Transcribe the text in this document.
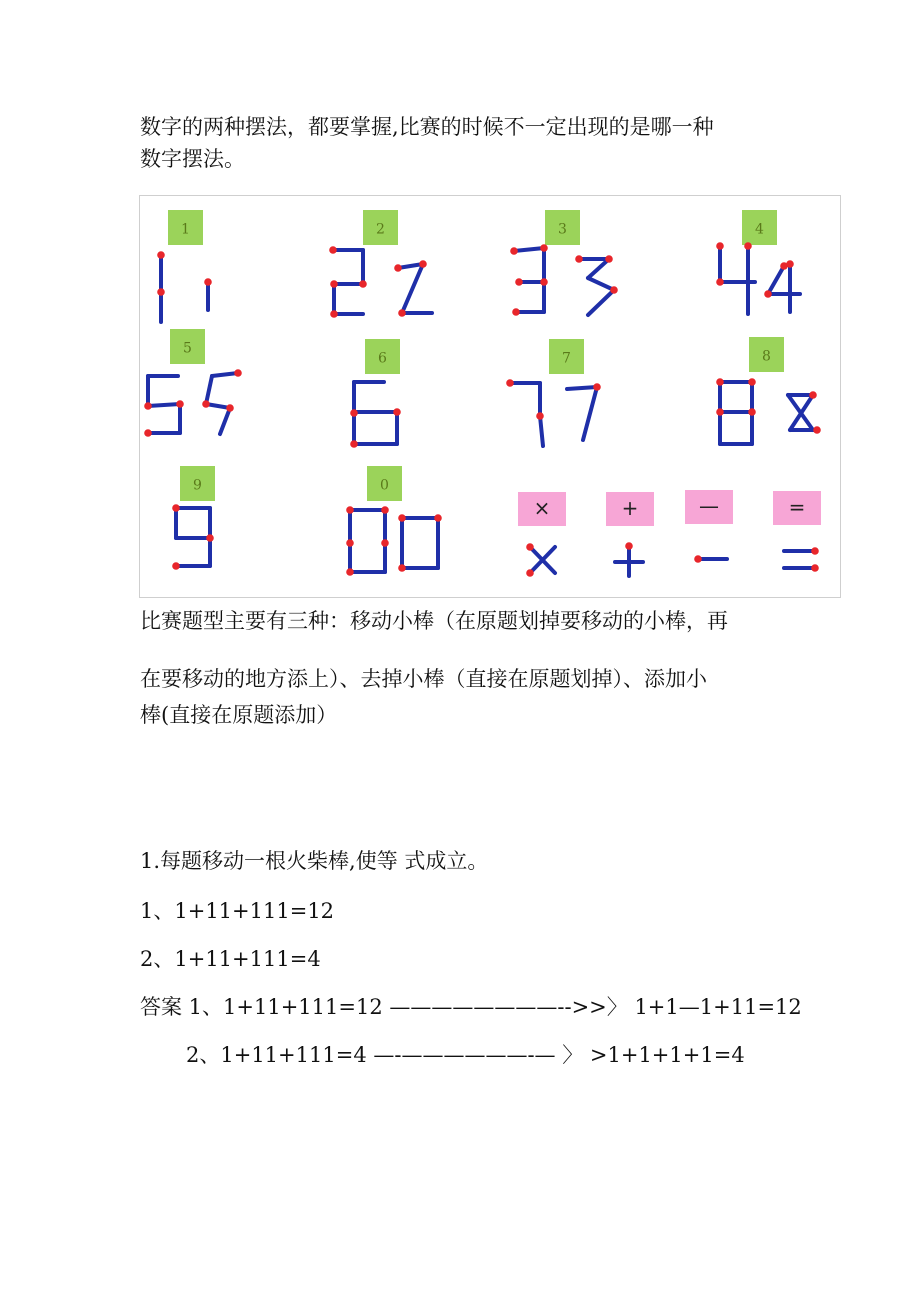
数字的两种摆法，都要掌握,比赛的时候不一定出现的是哪一种

数字摆法。

1	2	3	4
5
6	7	8
9	0
×	+	—	=

比赛题型主要有三种：移动小棒（在原题划掉要移动的小棒，再

在要移动的地方添上）、去掉小棒（直接在原题划掉）、添加小

棒(直接在原题添加）

1.每题移动一根火柴棒,使等 式成立。

1、1+11+111=12

2、1+11+111=4

答案 1、1+11+111=12 ————————-->>〉 1+1—1+11=12

2、1+11+111=4 —-——————-— 〉 >1+1+1+1=4
